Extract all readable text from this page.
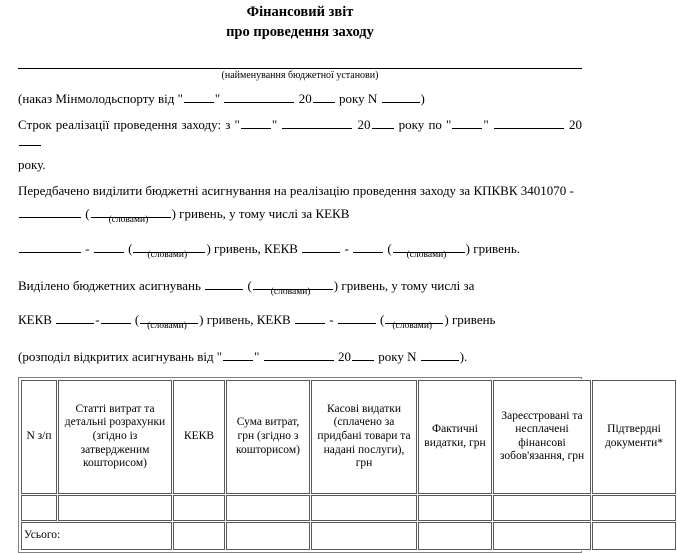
Фінансовий звіт
про проведення заходу
(найменування бюджетної установи)
(наказ Мінмолодьспорту від " "	20 року N	)
Строк реалізації проведення заходу: з " "	20 року по " "	20
року.
Передбачено виділити бюджетні асигнування на реалізацію проведення заходу за КПКВК 3401070 -
(	(словами)	) гривень, у тому числі за КЕКВ
-	(	(словами)	) гривень, КЕКВ	-	(	(словами)	) гривень.
Виділено бюджетних асигнувань	(	(словами)	) гривень, у тому числі за
КЕКВ	-	( (словами) ) гривень, КЕКВ	-	( (словами) ) гривень
(розподіл відкритих асигнувань від " "	20 року N	).
N з/п	Статті витрат та детальні розрахунки (згідно із затвердженим кошторисом)	КЕКВ	Сума витрат, грн (згідно з кошторисом)	Касові видатки (сплачено за придбані товари та надані послуги), грн	Фактичні видатки, грн	Зареєстровані та несплачені фінансові зобов'язання, грн	Підтвердні документи*

Усього:							
